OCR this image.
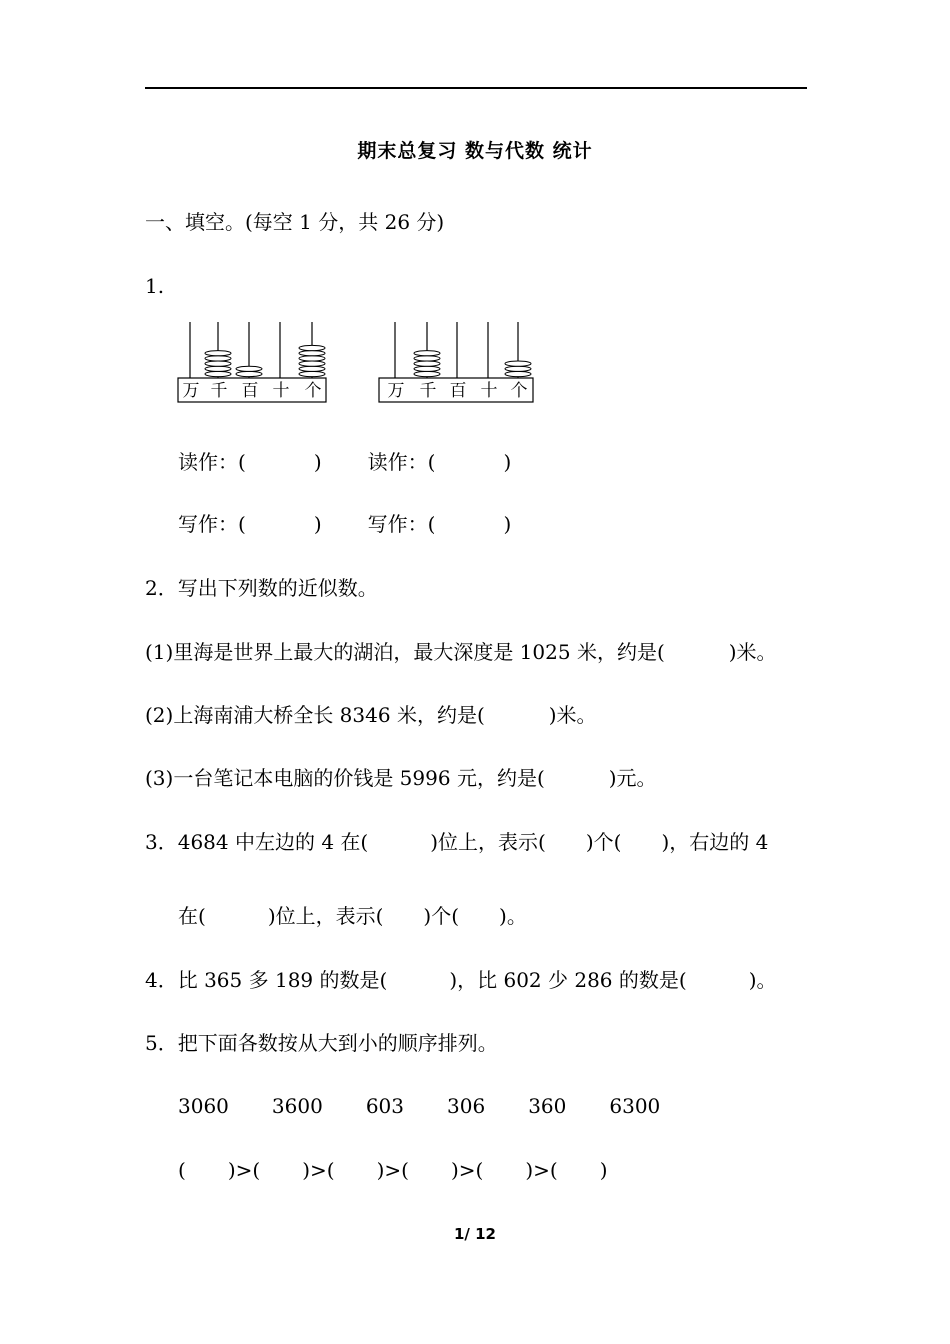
期末总复习 数与代数 统计
一、填空。(每空 1 分，共 26 分)
1.
万 千 百 十 个	万 千 百 十 个
读作：(	) 读作：(	)
写作：(	) 写作：(	)
2．写出下列数的近似数。
(1)里海是世界上最大的湖泊，最大深度是 1025 米，约是(	)米。
(2)上海南浦大桥全长 8346 米，约是(	)米。
(3)一台笔记本电脑的价钱是 5996 元，约是(	)元。
3．4684 中左边的 4 在(	)位上，表示( )个( )，右边的 4
在(	)位上，表示( )个( )。
4．比 365 多 189 的数是(	)，比 602 少 286 的数是(	)。
5．把下面各数按从大到小的顺序排列。
3060 3600 603 306 360 6300
( )>( )>( )>( )>( )>( )
1/ 12
